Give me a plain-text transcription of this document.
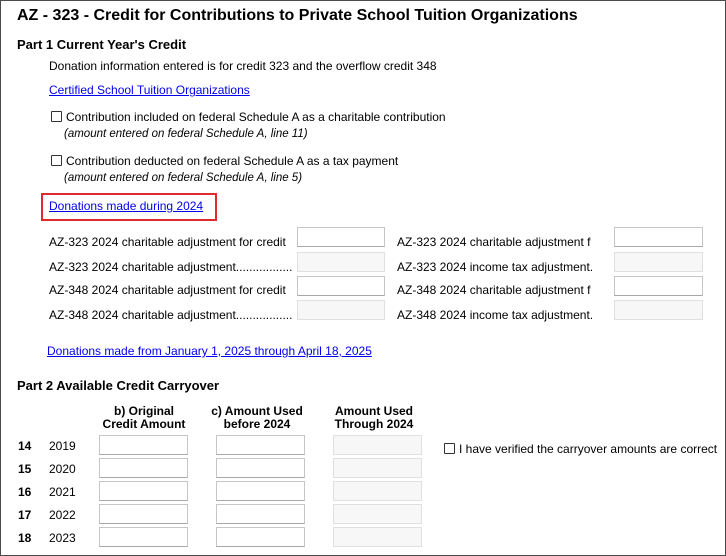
AZ - 323 - Credit for Contributions to Private School Tuition Organizations
Part 1 Current Year's Credit
Donation information entered is for credit 323 and the overflow credit 348
Certified School Tuition Organizations
Contribution included on federal Schedule A as a charitable contribution
(amount entered on federal Schedule A, line 11)
Contribution deducted on federal Schedule A as a tax payment
(amount entered on federal Schedule A, line 5)
Donations made during 2024
AZ-323 2024 charitable adjustment for credit
AZ-323 2024 charitable adjustment.................
AZ-348 2024 charitable adjustment for credit
AZ-348 2024 charitable adjustment.................
AZ-323 2024 charitable adjustment f
AZ-323 2024 income tax adjustment.
AZ-348 2024 charitable adjustment f
AZ-348 2024 income tax adjustment.
Donations made from January 1, 2025 through April 18, 2025
Part 2 Available Credit Carryover
b) Original
Credit Amount
c) Amount Used
before 2024
Amount Used
Through 2024
I have verified the carryover amounts are correct
14 2019
15 2020
16 2021
17 2022
18 2023
